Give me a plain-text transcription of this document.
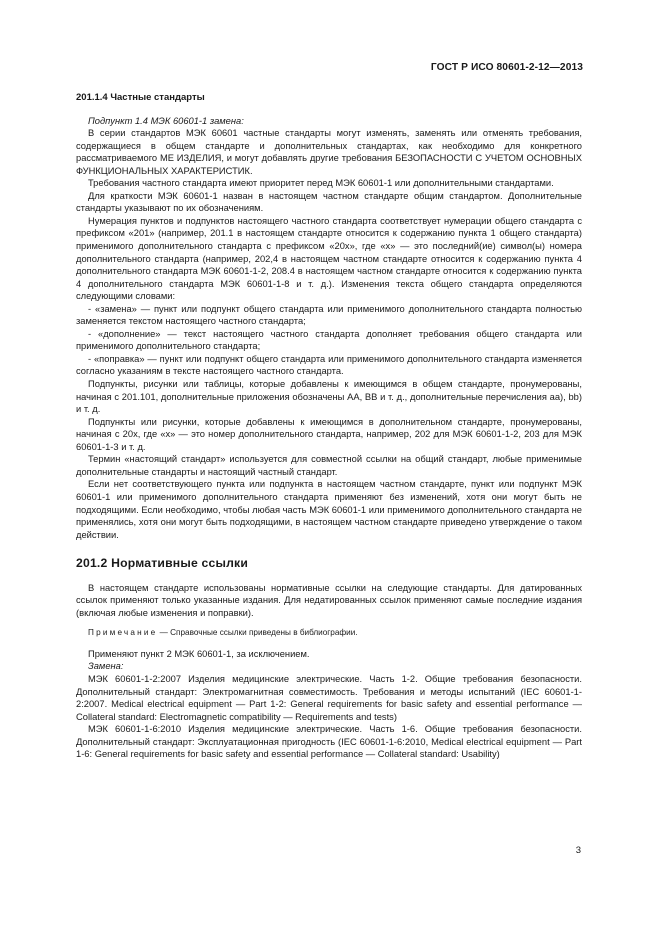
ГОСТ Р ИСО 80601-2-12—2013
201.1.4 Частные стандарты

Подпункт 1.4 МЭК 60601-1 замена:

В серии стандартов МЭК 60601 частные стандарты могут изменять, заменять или отменять требования, содержащиеся в общем стандарте и дополнительных стандартах, как необходимо для конкретного рассматриваемого МЕ ИЗДЕЛИЯ, и могут добавлять другие требования БЕЗОПАСНОСТИ С УЧЕТОМ ОСНОВНЫХ ФУНКЦИОНАЛЬНЫХ ХАРАКТЕРИСТИК.

Требования частного стандарта имеют приоритет перед МЭК 60601-1 или дополнительными стандартами.

Для краткости МЭК 60601-1 назван в настоящем частном стандарте общим стандартом. Дополнительные стандарты указывают по их обозначениям.

Нумерация пунктов и подпунктов настоящего частного стандарта соответствует нумерации общего стандарта с префиксом «201» (например, 201.1 в настоящем стандарте относится к содержанию пункта 1 общего стандарта) применимого дополнительного стандарта с префиксом «20х», где «х» — это последний(ие) символ(ы) номера дополнительного стандарта (например, 202,4 в настоящем частном стандарте относится к содержанию пункта 4 дополнительного стандарта МЭК 60601-1-2, 208.4 в настоящем частном стандарте относится к содержанию пункта 4 дополнительного стандарта МЭК 60601-1-8 и т. д.). Изменения текста общего стандарта определяются следующими словами:

- «замена» — пункт или подпункт общего стандарта или применимого дополнительного стандарта полностью заменяется текстом настоящего частного стандарта;

- «дополнение» — текст настоящего частного стандарта дополняет требования общего стандарта или применимого дополнительного стандарта;

- «поправка» — пункт или подпункт общего стандарта или применимого дополнительного стандарта изменяется согласно указаниям в тексте настоящего частного стандарта.

Подпункты, рисунки или таблицы, которые добавлены к имеющимся в общем стандарте, пронумерованы, начиная с 201.101, дополнительные приложения обозначены АА, ВВ и т. д., дополнительные перечисления аа), bb) и т. д.

Подпункты или рисунки, которые добавлены к имеющимся в дополнительном стандарте, пронумерованы, начиная с 20х, где «х» — это номер дополнительного стандарта, например, 202 для МЭК 60601-1-2, 203 для МЭК 60601-1-3 и т. д.

Термин «настоящий стандарт» используется для совместной ссылки на общий стандарт, любые применимые дополнительные стандарты и настоящий частный стандарт.

Если нет соответствующего пункта или подпункта в настоящем частном стандарте, пункт или подпункт МЭК 60601-1 или применимого дополнительного стандарта применяют без изменений, хотя они могут быть не подходящими. Если необходимо, чтобы любая часть МЭК 60601-1 или применимого дополнительного стандарта не применялись, хотя они могут быть подходящими, в настоящем частном стандарте приведено утверждение о таком действии.

201.2 Нормативные ссылки

В настоящем стандарте использованы нормативные ссылки на следующие стандарты. Для датированных ссылок применяют только указанные издания. Для недатированных ссылок применяют самые последние издания (включая любые изменения и поправки).

Примечание — Справочные ссылки приведены в библиографии.

Применяют пункт 2 МЭК 60601-1, за исключением.

Замена:

МЭК 60601-1-2:2007 Изделия медицинские электрические. Часть 1-2. Общие требования безопасности. Дополнительный стандарт: Электромагнитная совместимость. Требования и методы испытаний (IEC 60601-1-2:2007. Medical electrical equipment — Part 1-2: General requirements for basic safety and essential performance — Collateral standard: Electromagnetic compatibility — Requirements and tests)

МЭК 60601-1-6:2010 Изделия медицинские электрические. Часть 1-6. Общие требования безопасности. Дополнительный стандарт: Эксплуатационная пригодность (IEC 60601-1-6:2010, Medical electrical equipment — Part 1-6: General requirements for basic safety and essential performance — Collateral standard: Usability)

3
